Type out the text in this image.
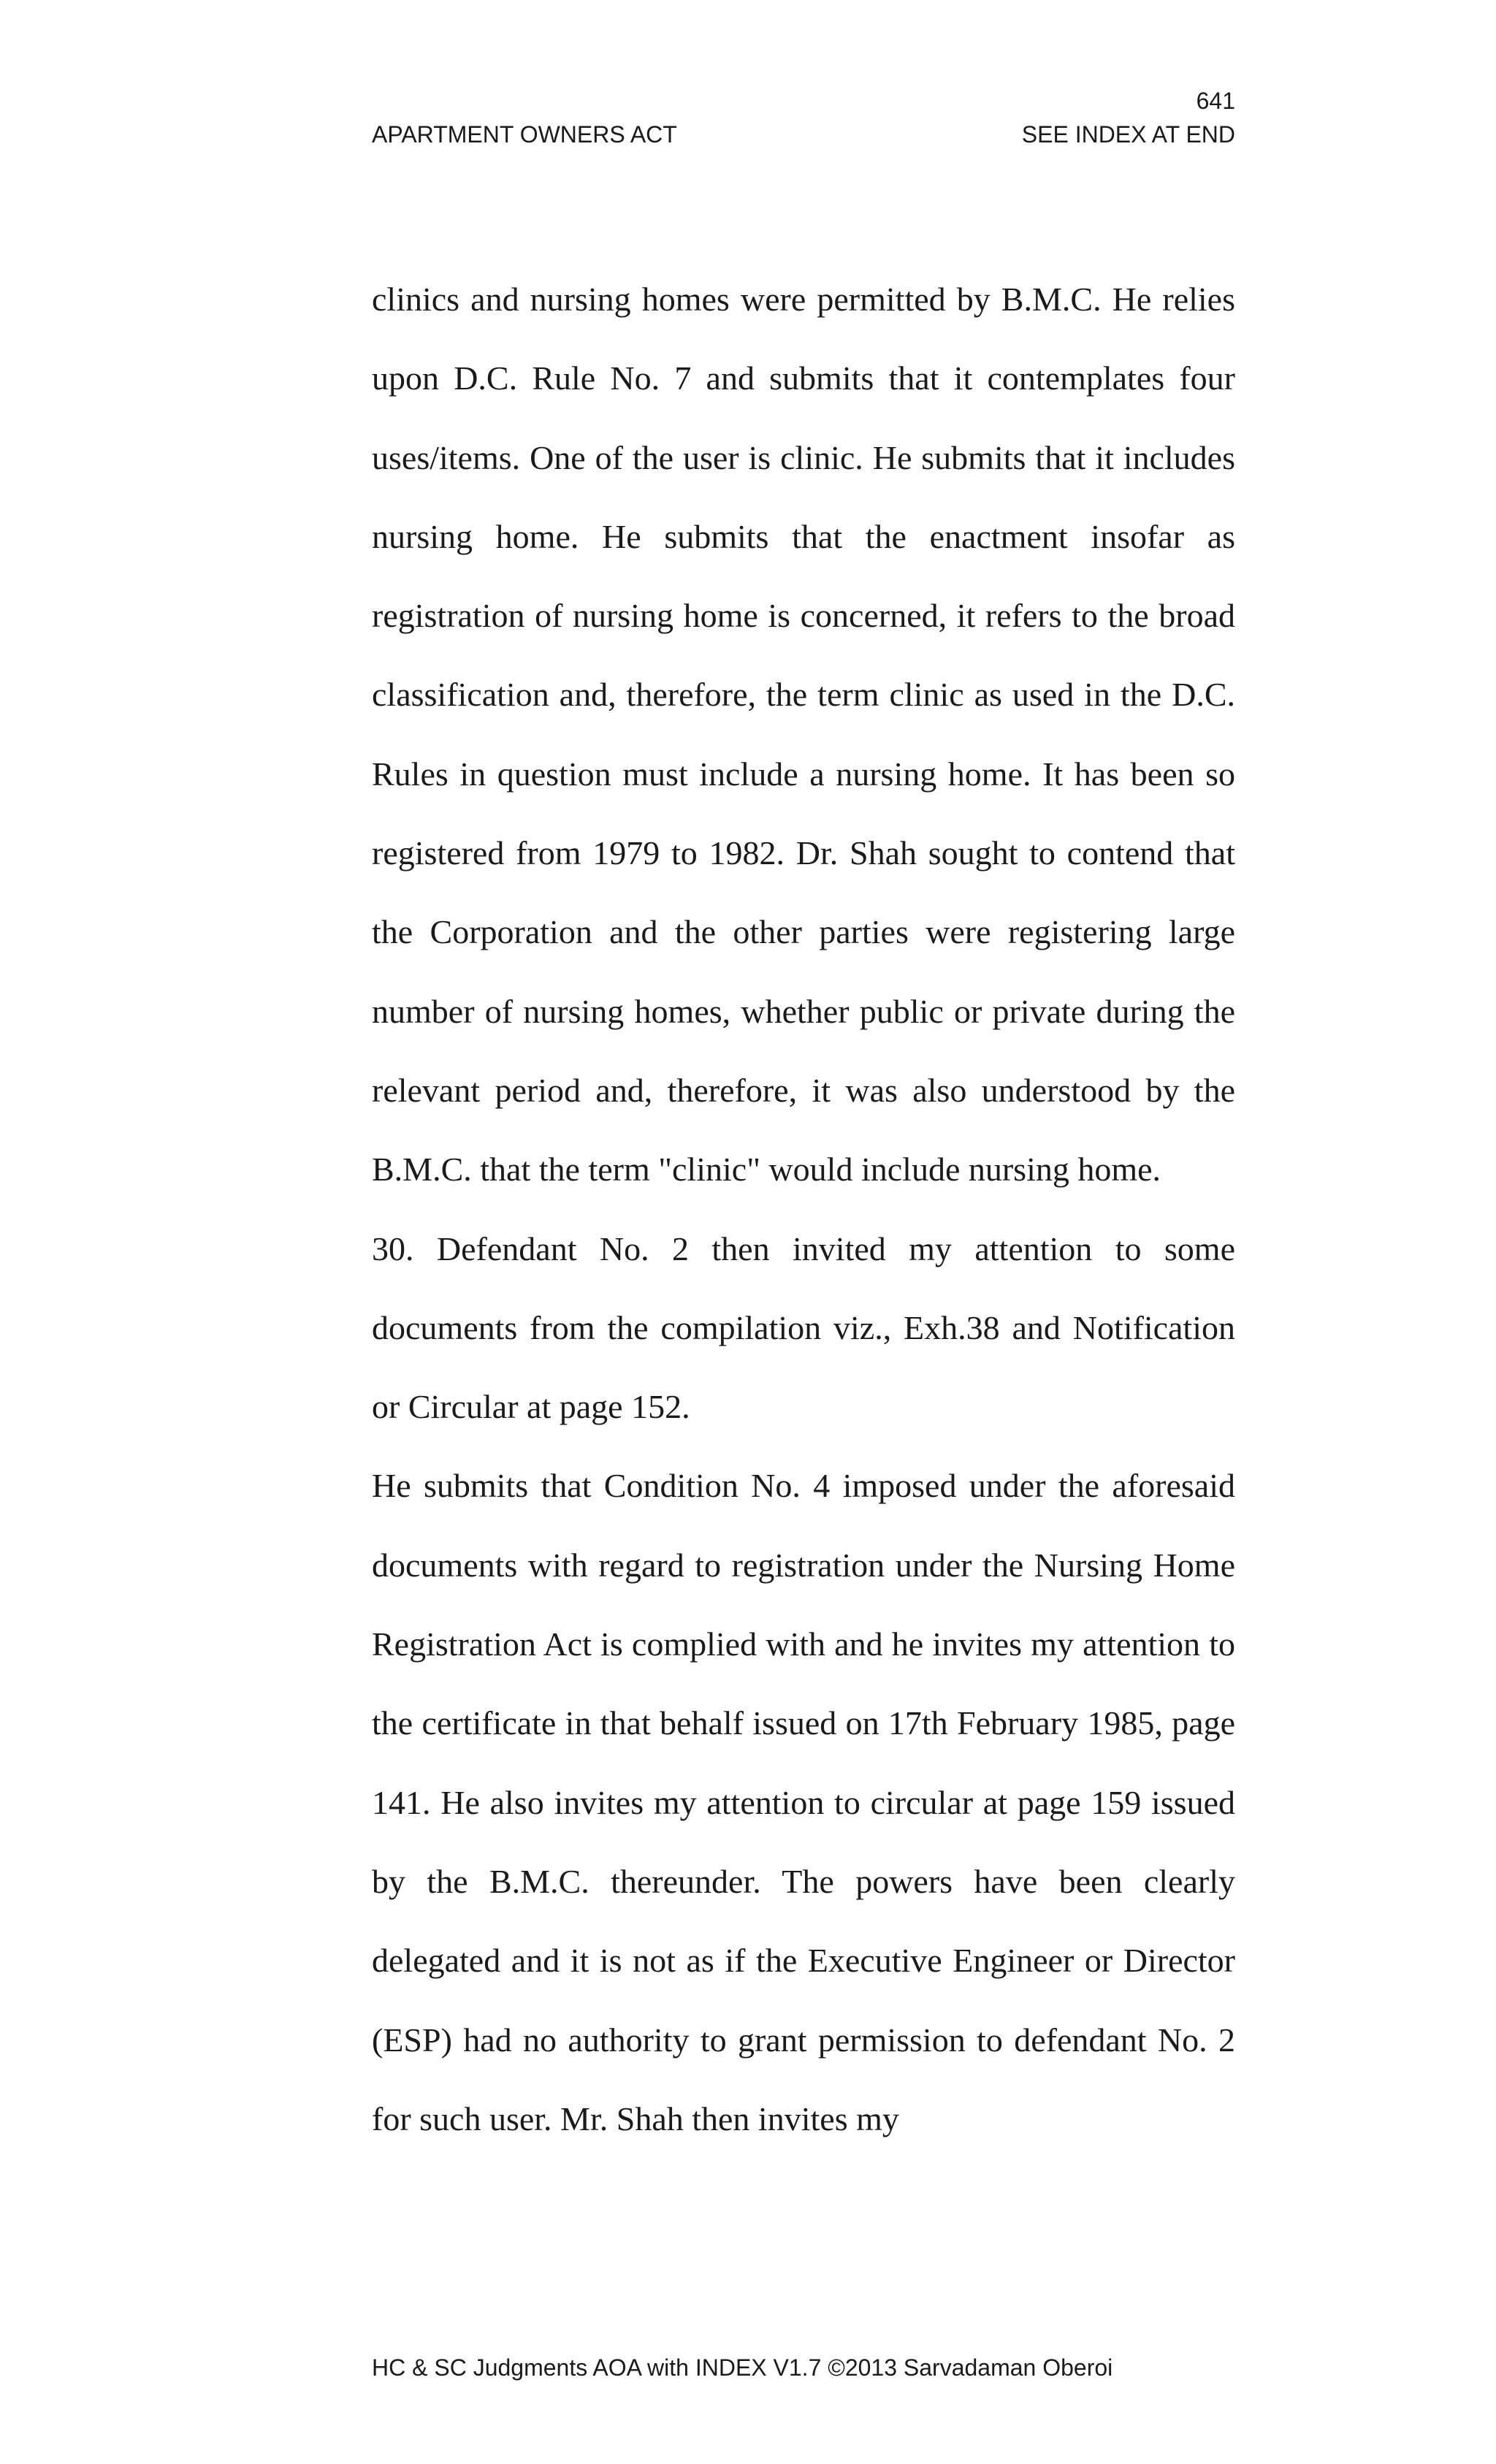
641

APARTMENT OWNERS ACT	SEE INDEX AT END

clinics and nursing homes were permitted by B.M.C. He relies upon D.C. Rule No. 7 and submits that it contemplates four uses/items. One of the user is clinic. He submits that it includes nursing home. He submits that the enactment insofar as registration of nursing home is concerned, it refers to the broad classification and, therefore, the term clinic as used in the D.C. Rules in question must include a nursing home. It has been so registered from 1979 to 1982. Dr. Shah sought to contend that the Corporation and the other parties were registering large number of nursing homes, whether public or private during the relevant period and, therefore, it was also understood by the B.M.C. that the term "clinic" would include nursing home.

30. Defendant No. 2 then invited my attention to some documents from the compilation viz., Exh.38 and Notification or Circular at page 152.

He submits that Condition No. 4 imposed under the aforesaid documents with regard to registration under the Nursing Home Registration Act is complied with and he invites my attention to the certificate in that behalf issued on 17th February 1985, page 141. He also invites my attention to circular at page 159 issued by the B.M.C. thereunder. The powers have been clearly delegated and it is not as if the Executive Engineer or Director (ESP) had no authority to grant permission to defendant No. 2 for such user. Mr. Shah then invites my

HC & SC Judgments AOA with INDEX V1.7 ©2013 Sarvadaman Oberoi
